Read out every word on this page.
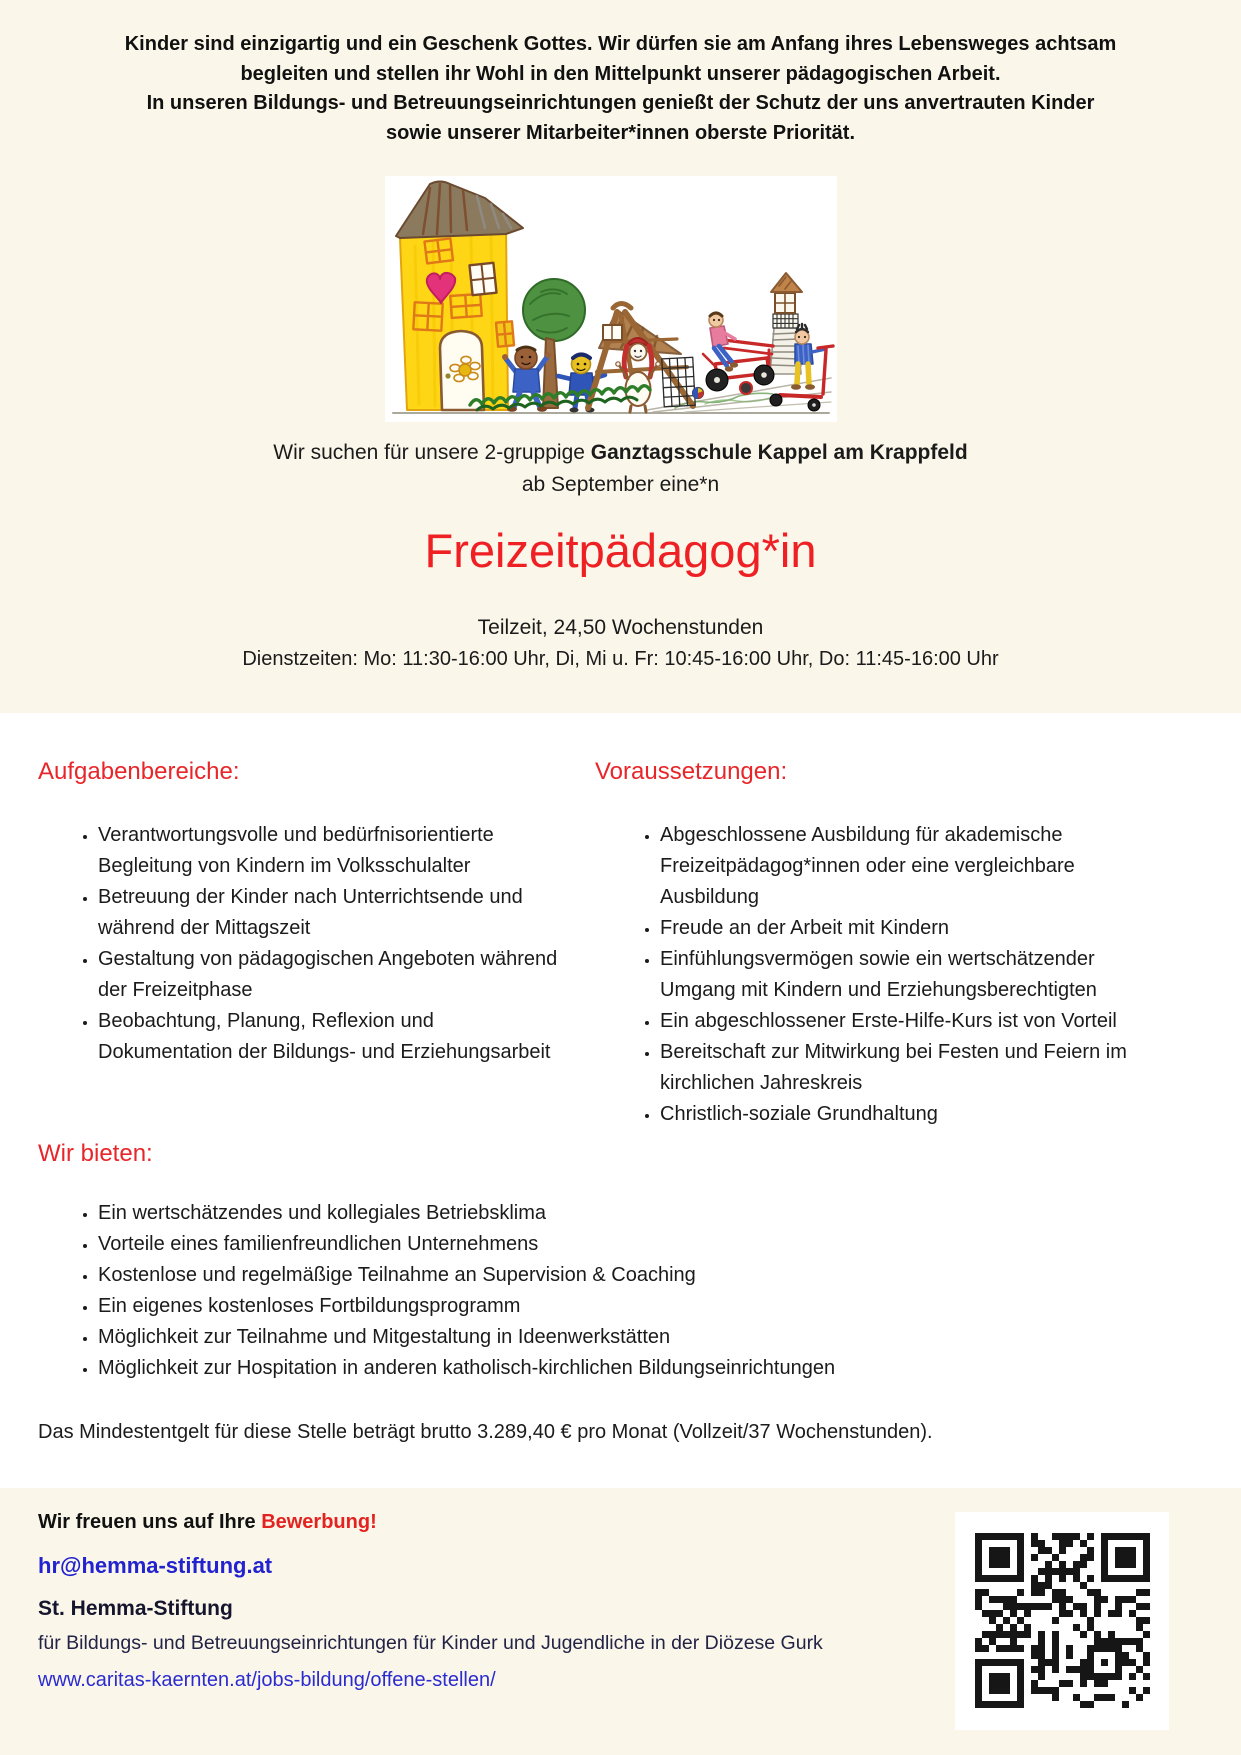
Kinder sind einzigartig und ein Geschenk Gottes. Wir dürfen sie am Anfang ihres Lebensweges achtsam
begleiten und stellen ihr Wohl in den Mittelpunkt unserer pädagogischen Arbeit.
In unseren Bildungs- und Betreuungseinrichtungen genießt der Schutz der uns anvertrauten Kinder
sowie unserer Mitarbeiter*innen oberste Priorität.
Wir suchen für unsere 2-gruppige Ganztagsschule Kappel am Krappfeld
ab September eine*n
Freizeitpädagog*in
Teilzeit, 24,50 Wochenstunden
Dienstzeiten: Mo: 11:30-16:00 Uhr, Di, Mi u. Fr: 10:45-16:00 Uhr, Do: 11:45-16:00 Uhr
Aufgabenbereiche:
• Verantwortungsvolle und bedürfnisorientierte Begleitung von Kindern im Volksschulalter
• Betreuung der Kinder nach Unterrichtsende und während der Mittagszeit
• Gestaltung von pädagogischen Angeboten während der Freizeitphase
• Beobachtung, Planung, Reflexion und Dokumentation der Bildungs- und Erziehungsarbeit
Voraussetzungen:
• Abgeschlossene Ausbildung für akademische Freizeitpädagog*innen oder eine vergleichbare Ausbildung
• Freude an der Arbeit mit Kindern
• Einfühlungsvermögen sowie ein wertschätzender Umgang mit Kindern und Erziehungsberechtigten
• Ein abgeschlossener Erste-Hilfe-Kurs ist von Vorteil
• Bereitschaft zur Mitwirkung bei Festen und Feiern im kirchlichen Jahreskreis
• Christlich-soziale Grundhaltung
Wir bieten:
• Ein wertschätzendes und kollegiales Betriebsklima
• Vorteile eines familienfreundlichen Unternehmens
• Kostenlose und regelmäßige Teilnahme an Supervision & Coaching
• Ein eigenes kostenloses Fortbildungsprogramm
• Möglichkeit zur Teilnahme und Mitgestaltung in Ideenwerkstätten
• Möglichkeit zur Hospitation in anderen katholisch-kirchlichen Bildungseinrichtungen
Das Mindestentgelt für diese Stelle beträgt brutto 3.289,40 € pro Monat (Vollzeit/37 Wochenstunden).
Wir freuen uns auf Ihre Bewerbung!
hr@hemma-stiftung.at
St. Hemma-Stiftung
für Bildungs- und Betreuungseinrichtungen für Kinder und Jugendliche in der Diözese Gurk
www.caritas-kaernten.at/jobs-bildung/offene-stellen/
